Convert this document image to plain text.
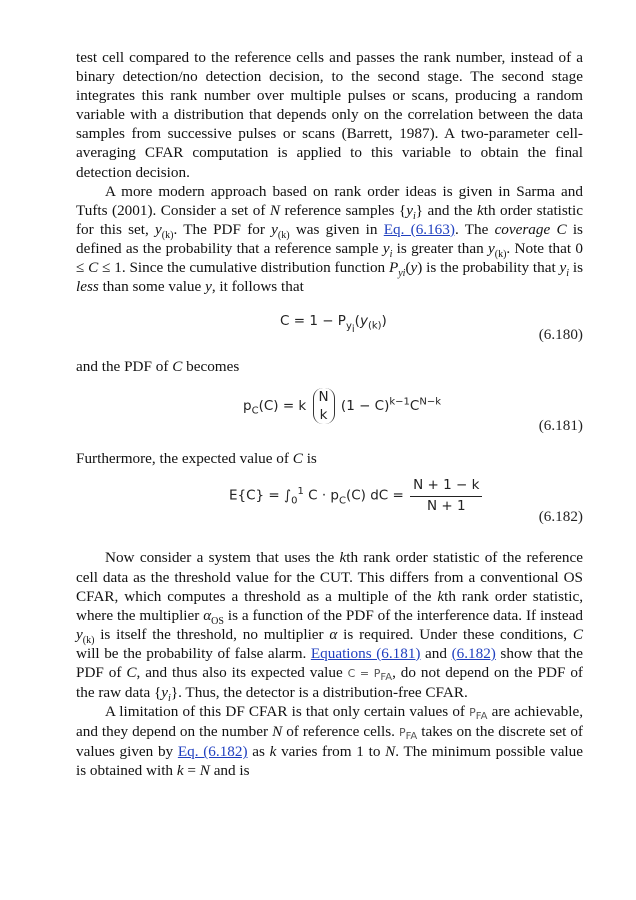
test cell compared to the reference cells and passes the rank number, instead of a binary detection/no detection decision, to the second stage. The second stage integrates this rank number over multiple pulses or scans, producing a random variable with a distribution that depends only on the correlation between the data samples from successive pulses or scans (Barrett, 1987). A two-parameter cell-averaging CFAR computation is applied to this variable to obtain the final detection decision.

A more modern approach based on rank order ideas is given in Sarma and Tufts (2001). Consider a set of N reference samples $\{y_i\}$ and the kth order statistic for this set, $y_{(k)}$. The PDF for $y_{(k)}$ was given in Eq. (6.163). The coverage C is defined as the probability that a reference sample $y_i$ is greater than $y_{(k)}$. Note that 0 ≤ C ≤ 1. Since the cumulative distribution function $P_{yi}(y)$ is the probability that $y_i$ is less than some value y, it follows that

$C = 1 - P_{y_i}(y_{(k)})$
(6.180)

and the PDF of C becomes

$p_C(C) = k$ N
k $(1 - C)^{k-1}C^{N-k}$
(6.181)

Furthermore, the expected value of C is

$E\{C\} = \int_0^1$ $C \cdot p_C(C)$ dC = $\frac{N + 1 - k}{N + 1}$
(6.182)

Now consider a system that uses the kth rank order statistic of the reference cell data as the threshold value for the CUT. This differs from a conventional OS CFAR, which computes a threshold as a multiple of the kth rank order statistic, where the multiplier $\alpha_{OS}$ is a function of the PDF of the interference data. If instead $y_{(k)}$ is itself the threshold, no multiplier α is required. Under these conditions, C will be the probability of false alarm. Equations (6.181) and (6.182) show that the PDF of C, and thus also its expected value $C = P_{FA}$, do not depend on the PDF of the raw data $\{y_i\}$. Thus, the detector is a distribution-free CFAR.

A limitation of this DF CFAR is that only certain values of $P_{FA}$ are achievable, and they depend on the number N of reference cells. $P_{FA}$ takes on the discrete set of values given by Eq. (6.182) as k varies from 1 to N. The minimum possible value is obtained with k = N and is
